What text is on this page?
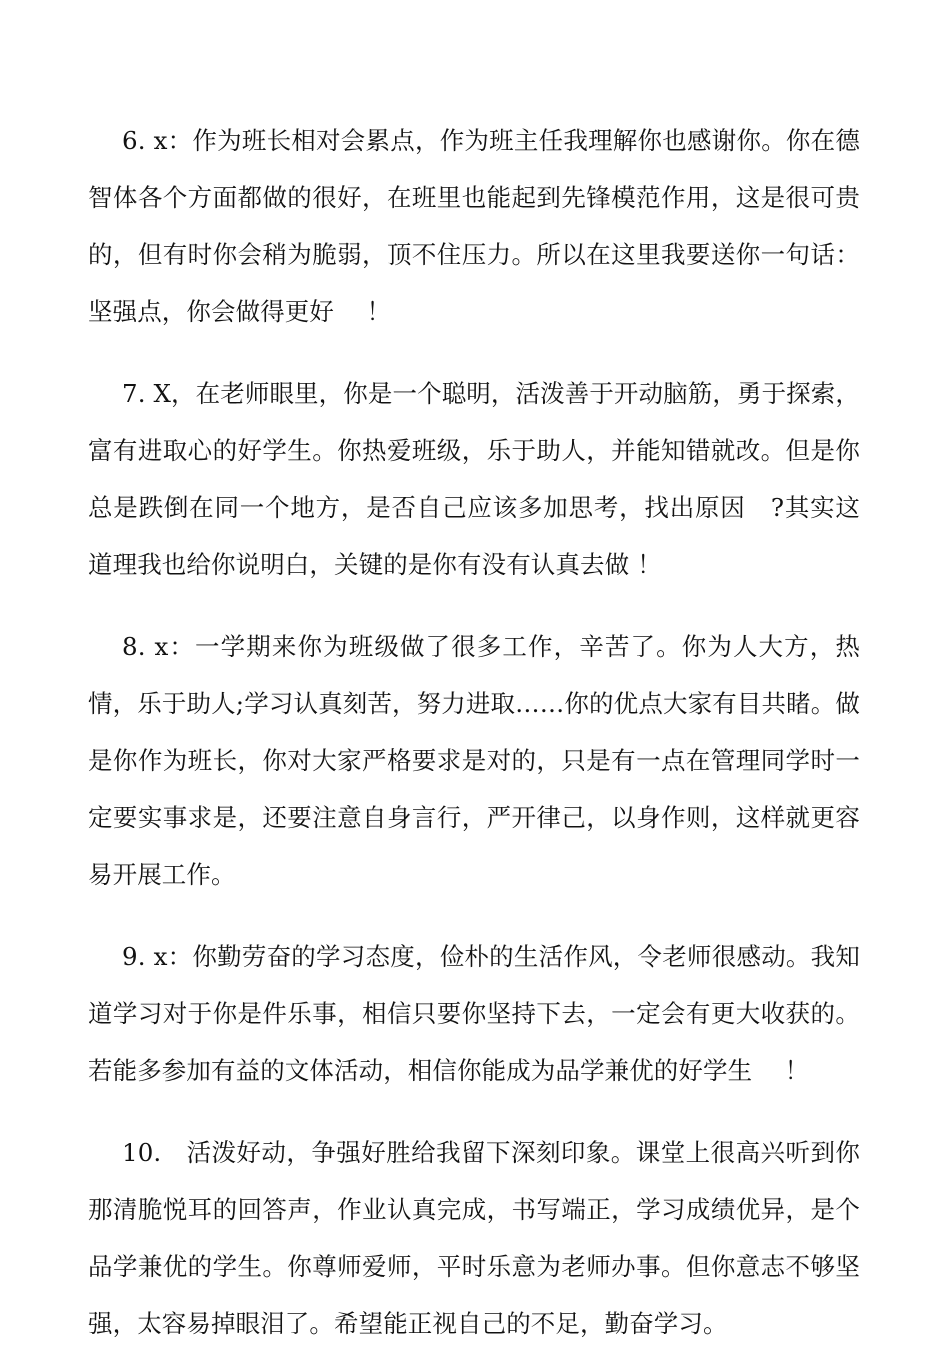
6. x：作为班长相对会累点，作为班主任我理解你也感谢你。你在德智体各个方面都做的很好，在班里也能起到先锋模范作用，这是很可贵的，但有时你会稍为脆弱，顶不住压力。所以在这里我要送你一句话：坚强点，你会做得更好　 ！

7. X，在老师眼里，你是一个聪明，活泼善于开动脑筋，勇于探索，富有进取心的好学生。你热爱班级，乐于助人，并能知错就改。但是你总是跌倒在同一个地方，是否自己应该多加思考，找出原因　?其实这道理我也给你说明白，关键的是你有没有认真去做 ！

8. x：一学期来你为班级做了很多工作，辛苦了。你为人大方，热情，乐于助人;学习认真刻苦，努力进取……你的优点大家有目共睹。做是你作为班长，你对大家严格要求是对的，只是有一点在管理同学时一定要实事求是，还要注意自身言行，严开律己，以身作则，这样就更容易开展工作。

9. x：你勤劳奋的学习态度，俭朴的生活作风，令老师很感动。我知道学习对于你是件乐事，相信只要你坚持下去，一定会有更大收获的。若能多参加有益的文体活动，相信你能成为品学兼优的好学生　 ！

10.　活泼好动，争强好胜给我留下深刻印象。课堂上很高兴听到你那清脆悦耳的回答声，作业认真完成，书写端正，学习成绩优异，是个品学兼优的学生。你尊师爱师，平时乐意为老师办事。但你意志不够坚强，太容易掉眼泪了。希望能正视自己的不足，勤奋学习。
